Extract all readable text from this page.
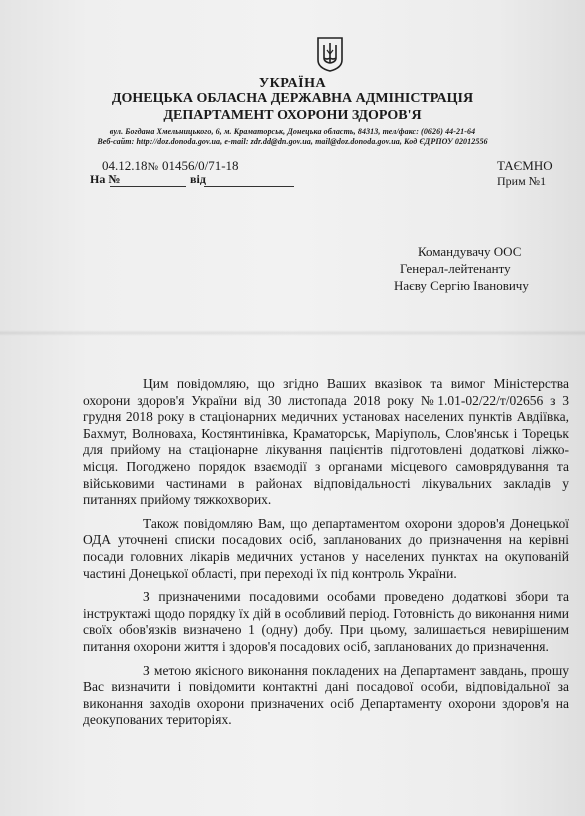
УКРАЇНА
ДОНЕЦЬКА ОБЛАСНА ДЕРЖАВНА АДМІНІСТРАЦІЯ
ДЕПАРТАМЕНТ ОХОРОНИ ЗДОРОВ'Я
вул. Богдана Хмельницького, 6, м. Краматорськ, Донецька область, 84313, тел/факс: (0626) 44-21-64
Веб-сайт: http://dоz.donoda.gov.ua, e-mail: zdr.dd@dn.gov.ua, mail@doz.donoda.gov.ua, Код ЄДРПОУ 02012556
04.12.18№ 01456/0/71-18
На №	від
ТАЄМНО
Прим №1
Командувачу ООС
Генерал-лейтенанту
Наєву Сергію Івановичу

Цим повідомляю, що згідно Ваших вказівок та вимог Міністерства охорони здоров'я України від 30 листопада 2018 року №1.01-02/22/т/02656 з 3 грудня 2018 року в стаціонарних медичних установах населених пунктів Авдіївка, Бахмут, Волноваха, Костянтинівка, Краматорськ, Маріуполь, Слов'янськ і Торецьк для прийому на стаціонарне лікування пацієнтів підготовлені додаткові ліжко-місця. Погоджено порядок взаємодії з органами місцевого самоврядування та військовими частинами в районах відповідальності лікувальних закладів у питаннях прийому тяжкохворих.

Також повідомляю Вам, що департаментом охорони здоров'я Донецької ОДА уточнені списки посадових осіб, запланованих до призначення на керівні посади головних лікарів медичних установ у населених пунктах на окупованій частині Донецької області, при переході їх під контроль України.

З призначеними посадовими особами проведено додаткові збори та інструктажі щодо порядку їх дій в особливий період. Готовність до виконання ними своїх обов'язків визначено 1 (одну) добу. При цьому, залишається невирішеним питання охорони життя і здоров'я посадових осіб, запланованих до призначення.

З метою якісного виконання покладених на Департамент завдань, прошу Вас визначити і повідомити контактні дані посадової особи, відповідальної за виконання заходів охорони призначених осіб Департаменту охорони здоров'я на деокупованих територіях.
